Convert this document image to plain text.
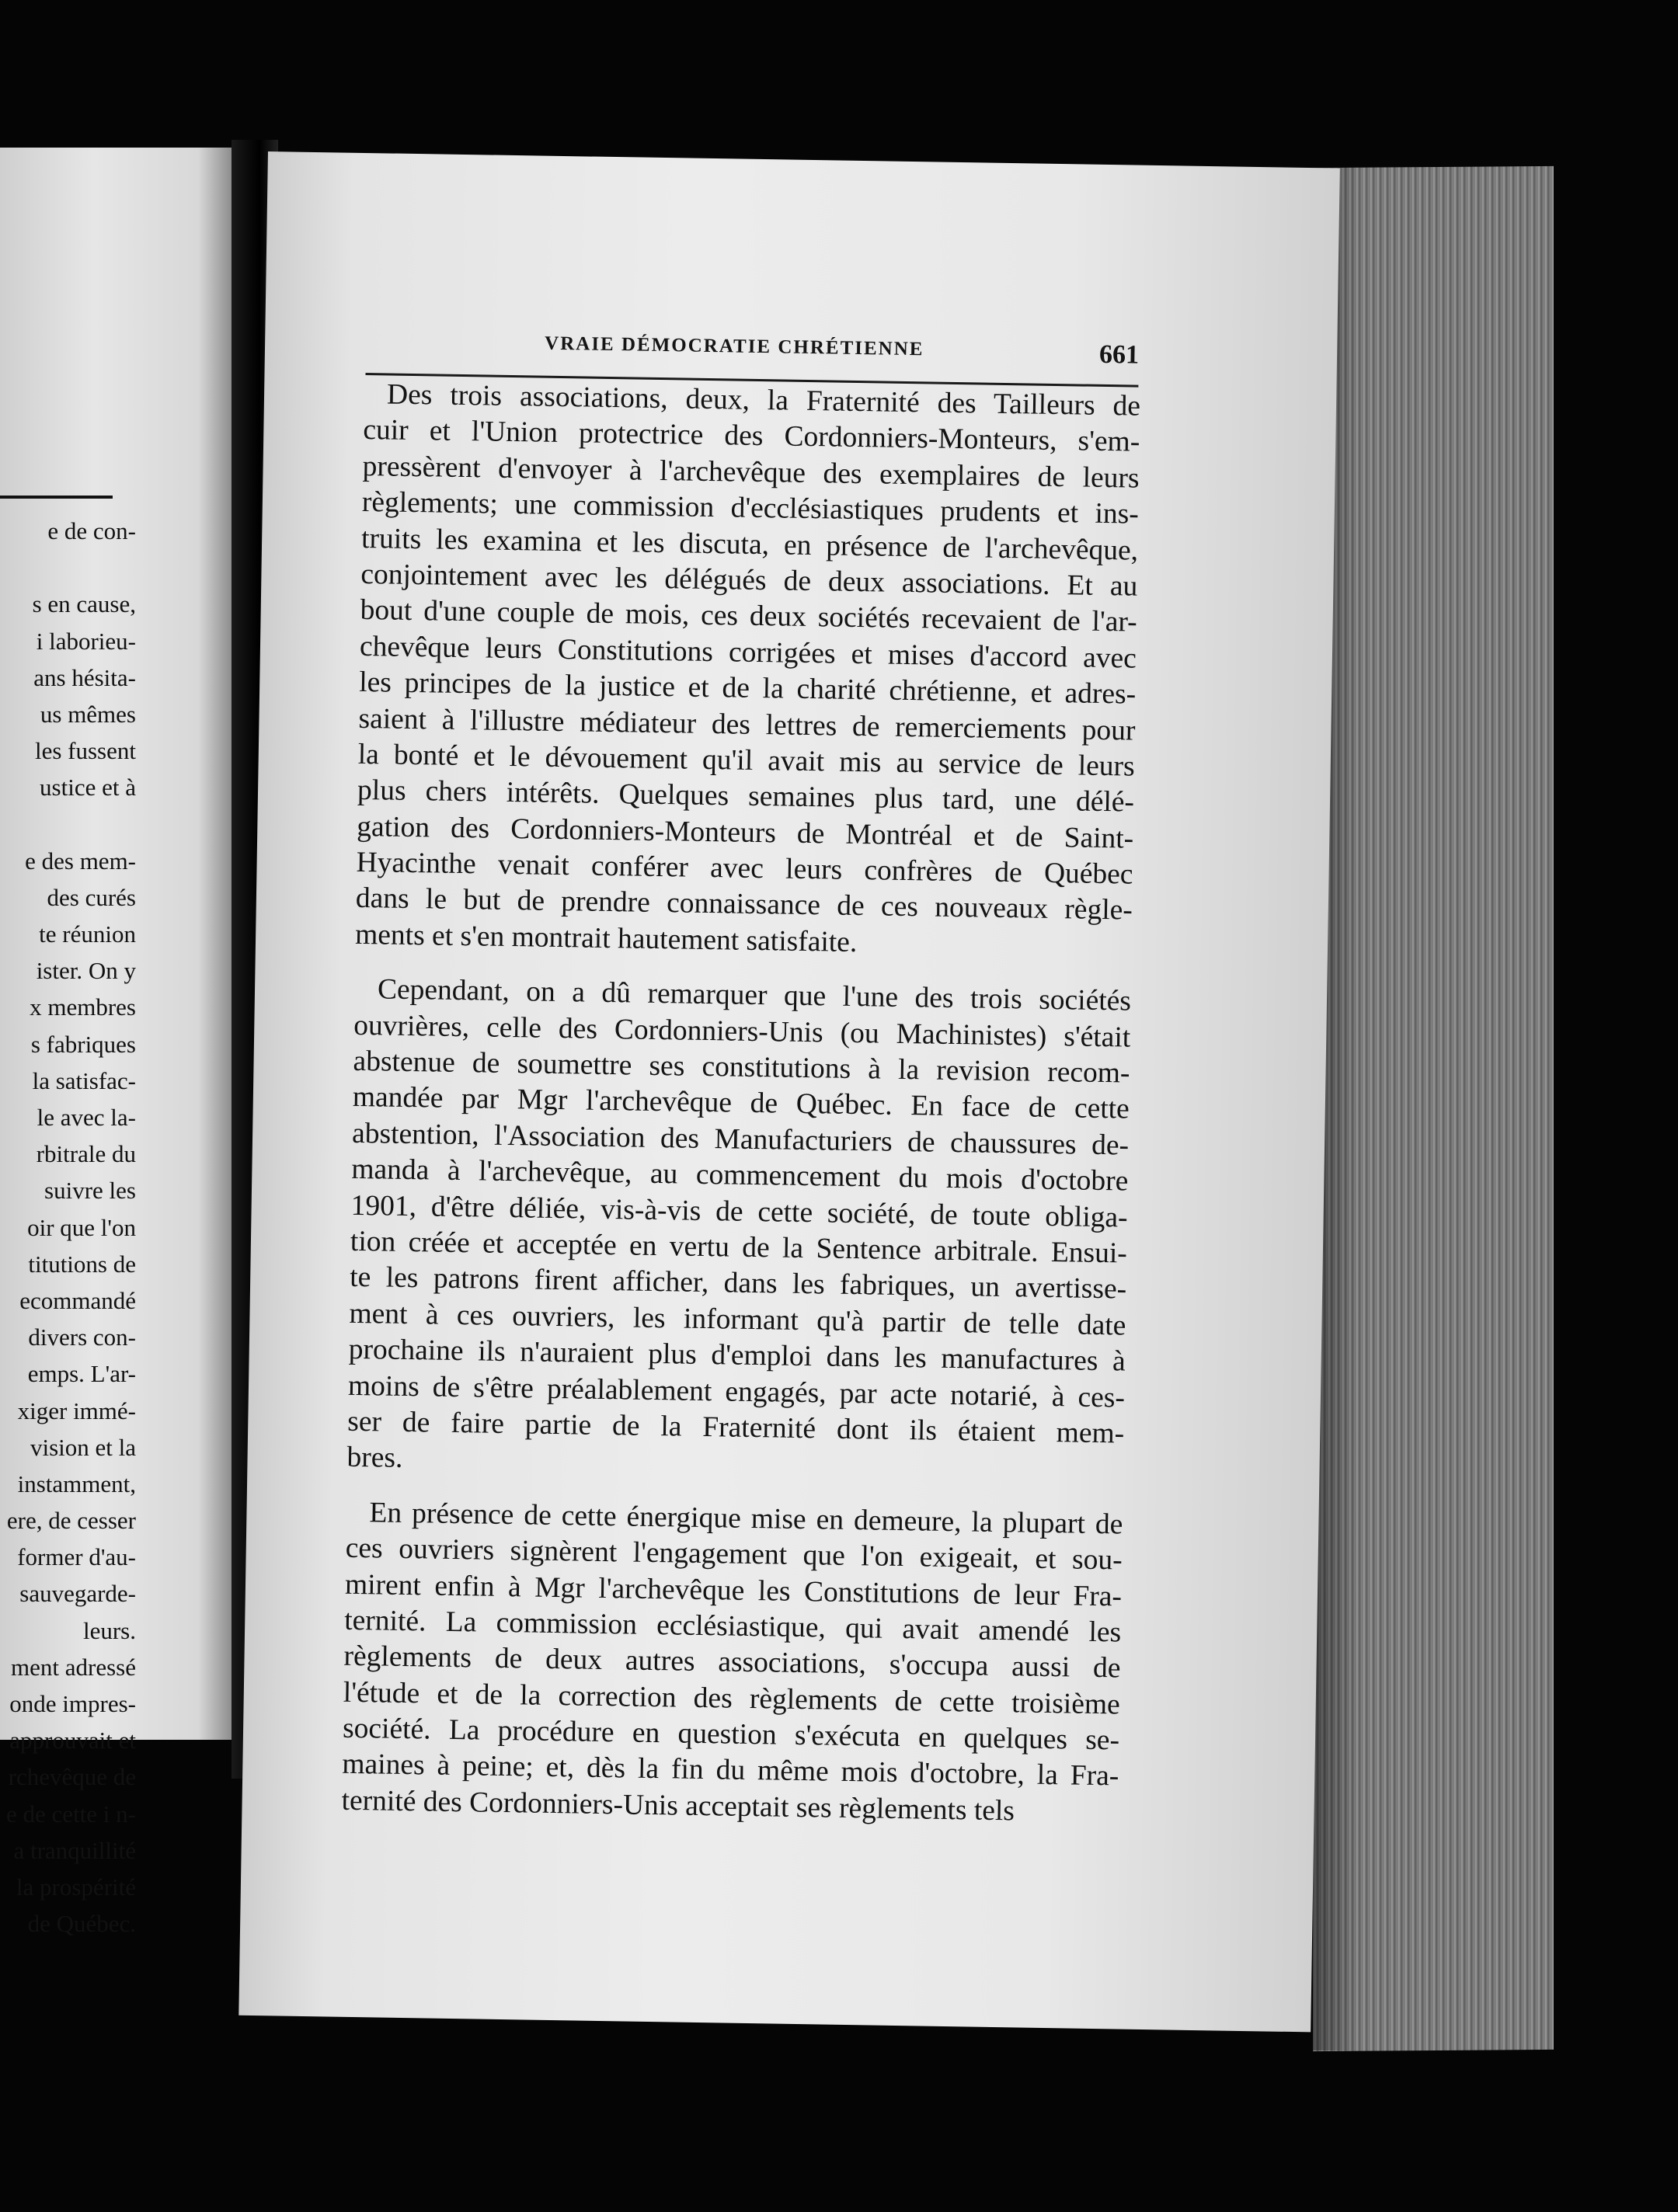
e de con-
s en cause,
i laborieu-
ans hésita-
us mêmes
les fussent
ustice et à
e des mem-
des curés
te réunion
ister. On y
x membres
s fabriques
la satisfac-
le avec la-
rbitrale du
suivre les
oir que l'on
titutions de
ecommandé
divers con-
emps. L'ar-
xiger immé-
vision et la
instamment,
ere, de cesser
former d'au-
sauvegarde-
leurs.
ment adressé
onde impres-
approuvait et
rchevêque de
e de cette i n-
a tranquillité
la prospérité
de Québec.
VRAIE DÉMOCRATIE CHRÉTIENNE	661
Des trois associations, deux, la Fraternité des Tailleurs de
cuir et l'Union protectrice des Cordonniers-Monteurs, s'em-
pressèrent d'envoyer à l'archevêque des exemplaires de leurs
règlements; une commission d'ecclésiastiques prudents et ins-
truits les examina et les discuta, en présence de l'archevêque,
conjointement avec les délégués de deux associations. Et au
bout d'une couple de mois, ces deux sociétés recevaient de l'ar-
chevêque leurs Constitutions corrigées et mises d'accord avec
les principes de la justice et de la charité chrétienne, et adres-
saient à l'illustre médiateur des lettres de remerciements pour
la bonté et le dévouement qu'il avait mis au service de leurs
plus chers intérêts. Quelques semaines plus tard, une délé-
gation des Cordonniers-Monteurs de Montréal et de Saint-
Hyacinthe venait conférer avec leurs confrères de Québec
dans le but de prendre connaissance de ces nouveaux règle-
ments et s'en montrait hautement satisfaite.
Cependant, on a dû remarquer que l'une des trois sociétés
ouvrières, celle des Cordonniers-Unis (ou Machinistes) s'était
abstenue de soumettre ses constitutions à la revision recom-
mandée par Mgr l'archevêque de Québec. En face de cette
abstention, l'Association des Manufacturiers de chaussures de-
manda à l'archevêque, au commencement du mois d'octobre
1901, d'être déliée, vis-à-vis de cette société, de toute obliga-
tion créée et acceptée en vertu de la Sentence arbitrale. Ensui-
te les patrons firent afficher, dans les fabriques, un avertisse-
ment à ces ouvriers, les informant qu'à partir de telle date
prochaine ils n'auraient plus d'emploi dans les manufactures à
moins de s'être préalablement engagés, par acte notarié, à ces-
ser de faire partie de la Fraternité dont ils étaient mem-
bres.
En présence de cette énergique mise en demeure, la plupart de
ces ouvriers signèrent l'engagement que l'on exigeait, et sou-
mirent enfin à Mgr l'archevêque les Constitutions de leur Fra-
ternité. La commission ecclésiastique, qui avait amendé les
règlements de deux autres associations, s'occupa aussi de
l'étude et de la correction des règlements de cette troisième
société. La procédure en question s'exécuta en quelques se-
maines à peine; et, dès la fin du même mois d'octobre, la Fra-
ternité des Cordonniers-Unis acceptait ses règlements tels
